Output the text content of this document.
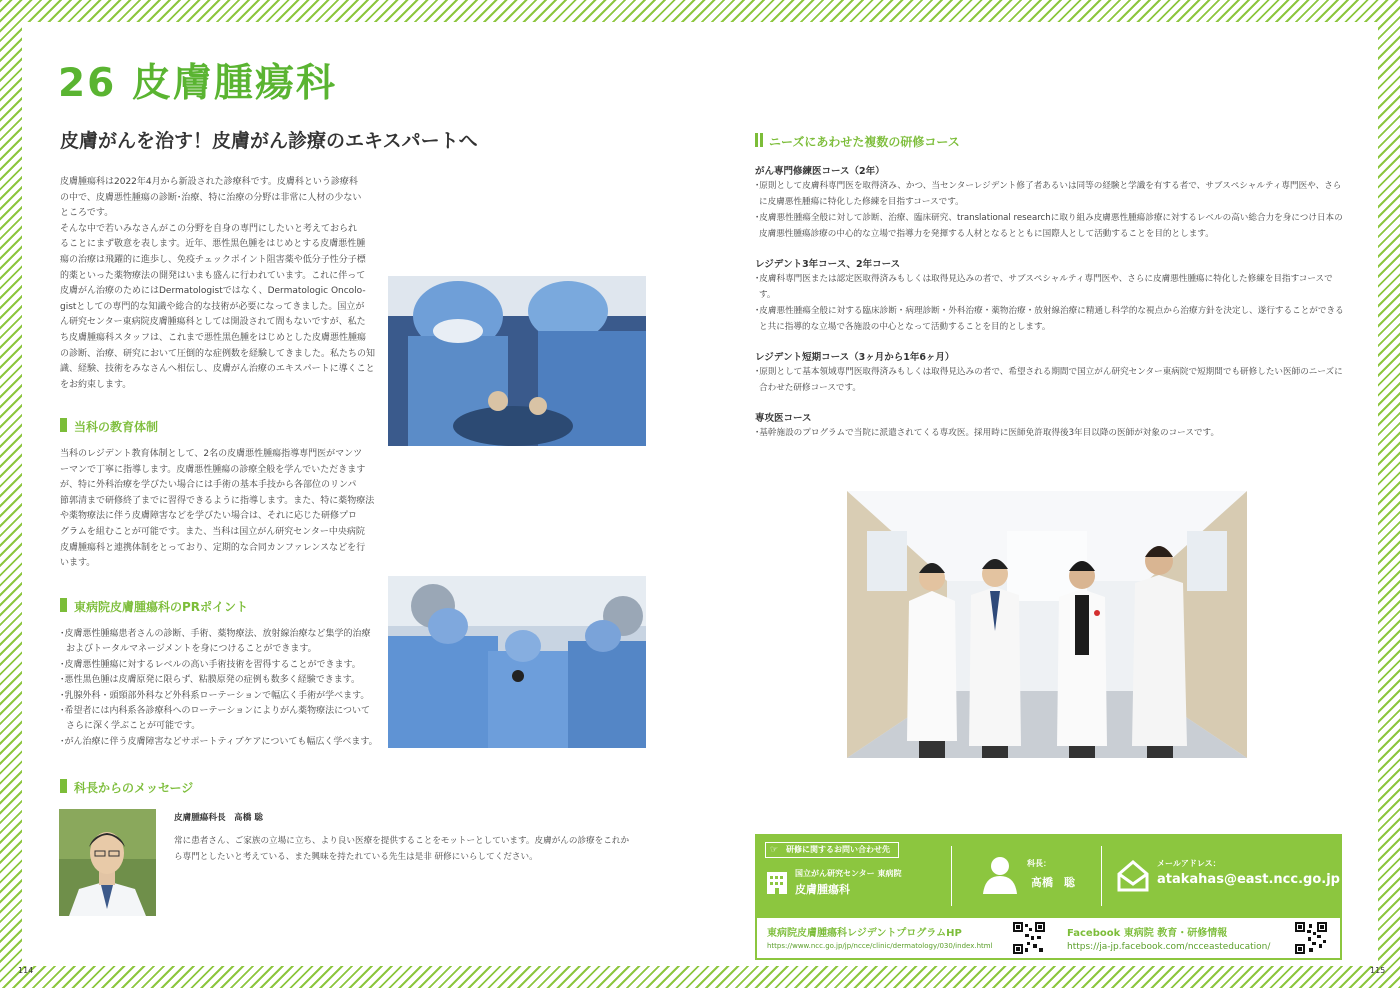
26 皮膚腫瘍科
皮膚がんを治す！皮膚がん診療のエキスパートへ
皮膚腫瘍科は2022年4月から新設された診療科です。皮膚科という診療科
の中で、皮膚悪性腫瘍の診断･治療、特に治療の分野は非常に人材の少ない
ところです。
そんな中で若いみなさんがこの分野を自身の専門にしたいと考えておられ
ることにまず敬意を表します。近年、悪性黒色腫をはじめとする皮膚悪性腫
瘍の治療は飛躍的に進歩し、免疫チェックポイント阻害薬や低分子性分子標
的薬といった薬物療法の開発はいまも盛んに行われています。これに伴って
皮膚がん治療のためにはDermatologistではなく、Dermatologic Oncolo-
gistとしての専門的な知識や総合的な技術が必要になってきました。国立が
ん研究センター東病院皮膚腫瘍科としては開設されて間もないですが、私た
ち皮膚腫瘍科スタッフは、これまで悪性黒色腫をはじめとした皮膚悪性腫瘍
の診断、治療、研究において圧倒的な症例数を経験してきました。私たちの知
識、経験、技術をみなさんへ相伝し、皮膚がん治療のエキスパートに導くこと
をお約束します。
当科の教育体制
当科のレジデント教育体制として、2名の皮膚悪性腫瘍指導専門医がマンツ
ーマンで丁寧に指導します。皮膚悪性腫瘍の診療全般を学んでいただきます
が、特に外科治療を学びたい場合には手術の基本手技から各部位のリンパ
節郭清まで研修終了までに習得できるように指導します。また、特に薬物療法
や薬物療法に伴う皮膚障害などを学びたい場合は、それに応じた研修プロ
グラムを組むことが可能です。また、当科は国立がん研究センター中央病院
皮膚腫瘍科と連携体制をとっており、定期的な合同カンファレンスなどを行
います。
東病院皮膚腫瘍科のPRポイント
･皮膚悪性腫瘍患者さんの診断、手術、薬物療法、放射線治療など集学的治療およびトータルマネージメントを身につけることができます。
･皮膚悪性腫瘍に対するレベルの高い手術技術を習得することができます。
･悪性黒色腫は皮膚原発に限らず、粘膜原発の症例も数多く経験できます。
･乳腺外科・頭頸部外科など外科系ローテーションで幅広く手術が学べます。
･希望者には内科系各診療科へのローテーションによりがん薬物療法についてさらに深く学ぶことが可能です。
･がん治療に伴う皮膚障害などサポートティブケアについても幅広く学べます。
科長からのメッセージ
皮膚腫瘍科長　髙橋 聡
常に患者さん、ご家族の立場に立ち、より良い医療を提供することをモットーとしています。皮膚がんの診療をこれか
ら専門としたいと考えている、また興味を持たれている先生は是非 研修にいらしてください。
114
ニーズにあわせた複数の研修コース
がん専門修練医コース（2年）
･原則として皮膚科専門医を取得済み、かつ、当センターレジデント修了者あるいは同等の経験と学識を有する者で、サブスペシャルティ専門医や、さらに皮膚悪性腫瘍に特化した修練を目指すコースです。
･皮膚悪性腫瘍全般に対して診断、治療、臨床研究、translational researchに取り組み皮膚悪性腫瘍診療に対するレベルの高い総合力を身につけ日本の皮膚悪性腫瘍診療の中心的な立場で指導力を発揮する人材となるとともに国際人として活動することを目的とします。
レジデント3年コース、2年コース
･皮膚科専門医または認定医取得済みもしくは取得見込みの者で、サブスペシャルティ専門医や、さらに皮膚悪性腫瘍に特化した修練を目指すコースです。
･皮膚悪性腫瘍全般に対する臨床診断・病理診断・外科治療・薬物治療・放射線治療に精通し科学的な視点から治療方針を決定し、遂行することができると共に指導的な立場で各施設の中心となって活動することを目的とします。
レジデント短期コース（3ヶ月から1年6ヶ月）
･原則として基本領域専門医取得済みもしくは取得見込みの者で、希望される期間で国立がん研究センター東病院で短期間でも研修したい医師のニーズに合わせた研修コースです。
専攻医コース
･基幹施設のプログラムで当院に派遣されてくる専攻医。採用時に医師免許取得後3年目以降の医師が対象のコースです。
☞ 研修に関するお問い合わせ先
国立がん研究センター 東病院
皮膚腫瘍科
科長：
髙橋　聡
メールアドレス：
atakahas@east.ncc.go.jp
東病院皮膚腫瘍科レジデントプログラムHP
https://www.ncc.go.jp/jp/ncce/clinic/dermatology/030/index.html
Facebook 東病院 教育・研修情報
https://ja-jp.facebook.com/ncceasteducation/
115
